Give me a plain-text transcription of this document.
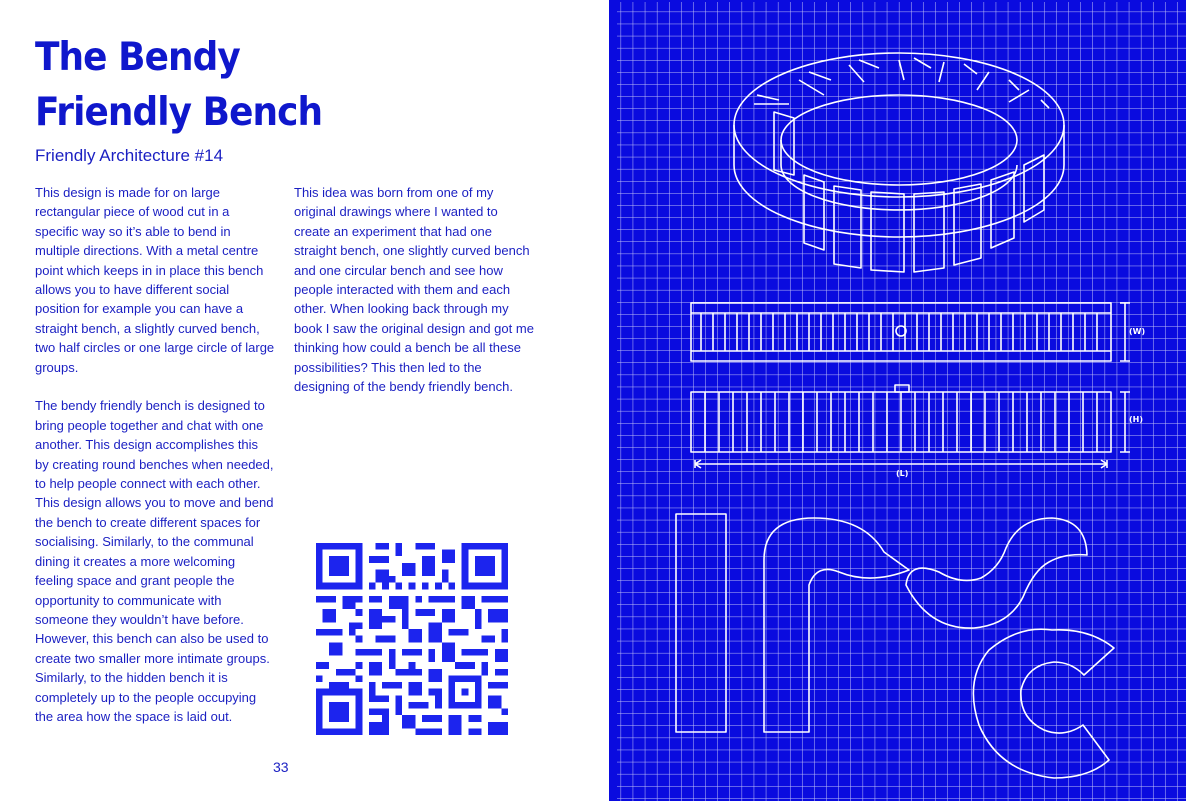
The Bendy
Friendly Bench
Friendly Architecture #14

This design is made for on large rectangular piece of wood cut in a specific way so it’s able to bend in multiple directions. With a metal centre point which keeps in in place this bench allows you to have different social position for example you can have a straight bench, a slightly curved bench, two half circles or one large circle of large groups.

The bendy friendly bench is designed to bring people together and chat with one another. This design accomplishes this by creating round benches when needed, to help people connect with each other. This design allows you to move and bend the bench to create different spaces for socialising. Similarly, to the communal dining it creates a more welcoming feeling space and grant people the opportunity to communicate with someone they wouldn’t have before. However, this bench can also be used to create two smaller more intimate groups. Similarly, to the hidden bench it is completely up to the people occupying the area how the space is laid out.

This idea was born from one of my original drawings where I wanted to create an experiment that had one straight bench, one slightly curved bench and one circular bench and see how people interacted with them and each other. When looking back through my book I saw the original design and got me thinking how could a bench be all these possibilities? This then led to the designing of the bendy friendly bench.

33
(W)
(H)
(L)
